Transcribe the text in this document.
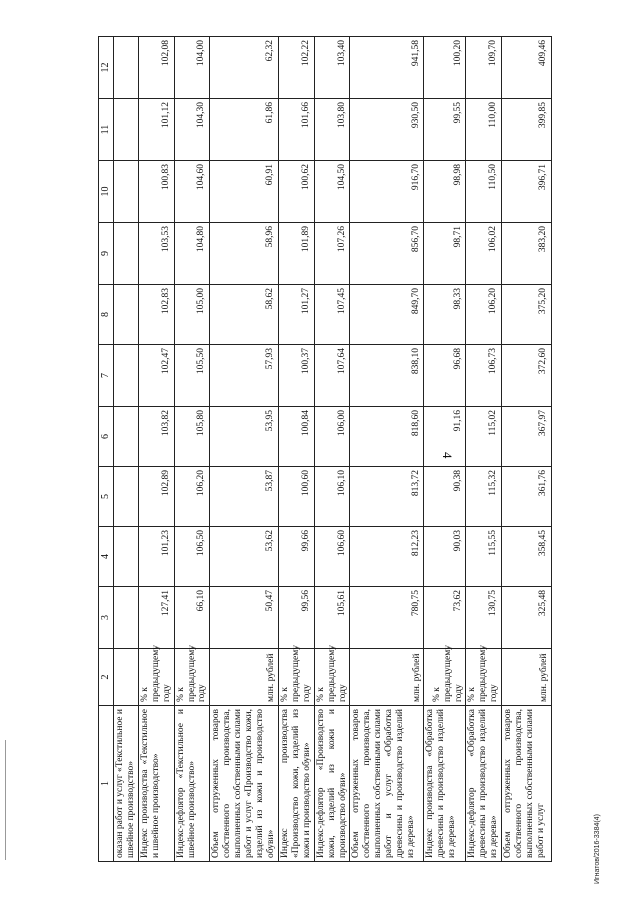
1	2	3	4	5	6	7	8	9	10	11	12
оказан работ и услуг «Текстильное и швейное производство»											
Индекс производства «Текстильное и швейное производство»	% к предыдущему году	127,41	101,23	102,89	103,82	102,47	102,83	103,53	100,83	101,12	102,08
Индекс-дефлятор «Текстильное и швейное производство»	% к предыдущему году	66,10	106,50	106,20	105,80	105,50	105,00	104,80	104,60	104,30	104,00
Объем отгруженных товаров собственного производства, выполненных собственными силами работ и услуг «Производство кожи, изделий из кожи и производство обуви»	млн. рублей	50,47	53,62	53,87	53,95	57,93	58,62	58,96	60,91	61,86	62,32
Индекс производства «Производство кожи, изделий из кожи и производство обуви»	% к предыдущему году	99,56	99,66	100,60	100,84	100,37	101,27	101,89	100,62	101,66	102,22
Индекс-дефлятор «Производство кожи, изделий из кожи и производство обуви»	% к предыдущему году	105,61	106,60	106,10	106,00	107,64	107,45	107,26	104,50	103,80	103,40
Объем отгруженных товаров собственного производства, выполненных собственными силами работ и услуг «Обработка древесины и производство изделий из дерева»	млн. рублей	780,75	812,23	813,72	818,60	838,10	849,70	856,70	916,70	930,50	941,58
Индекс производства «Обработка древесины и производство изделий из дерева»	% к предыдущему году	73,62	90,03	90,38	91,16	96,68	98,33	98,71	98,98	99,55	100,20
Индекс-дефлятор «Обработка древесины и производство изделий из дерева»	% к предыдущему году	130,75	115,55	115,32	115,02	106,73	106,20	106,02	110,50	110,00	109,70
Объем отгруженных товаров собственного производства, выполненных собственными силами работ и услуг	млн. рублей	325,48	358,45	361,76	367,97	372,60	375,20	383,20	396,71	399,85	409,46
4
Игнатов/2016-3384(4)
